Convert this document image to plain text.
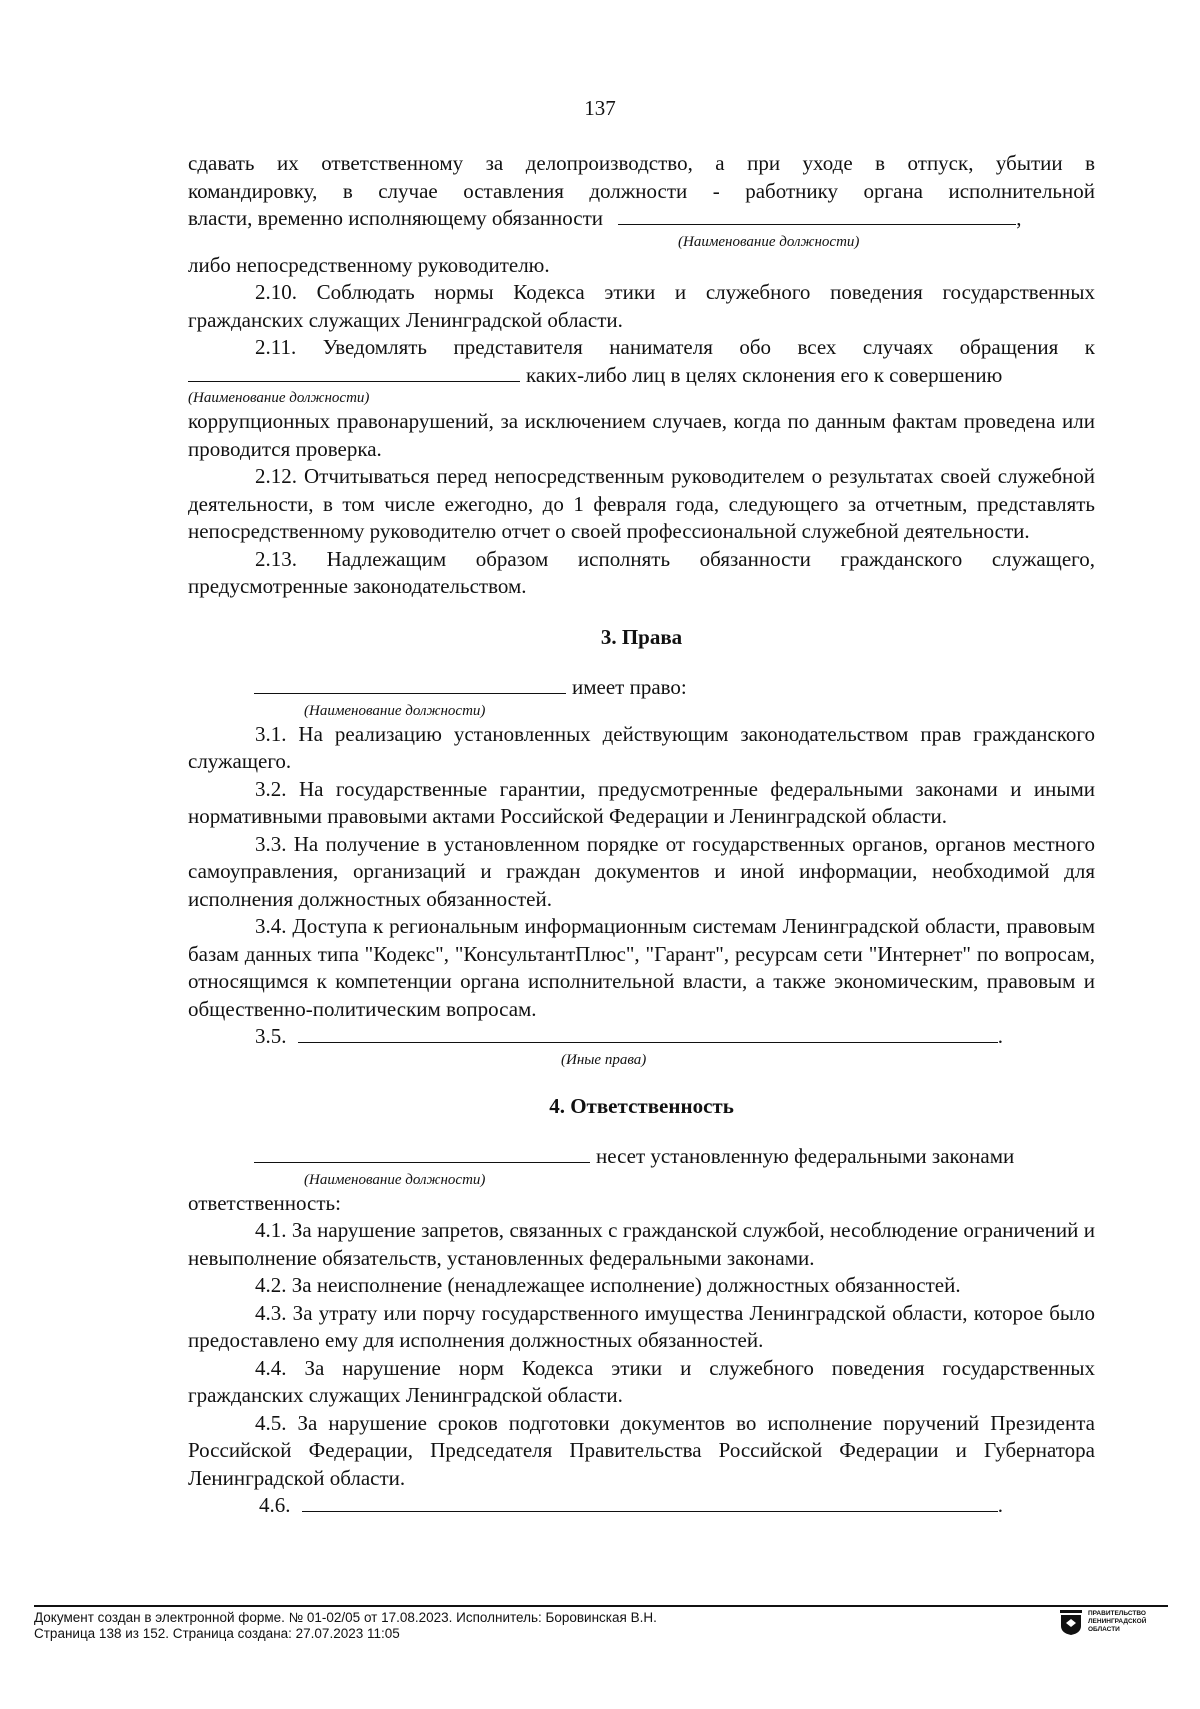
137

сдавать их ответственному за делопроизводство, а при уходе в отпуск, убытии в

командировку, в случае оставления должности - работнику органа исполнительной

власти, временно исполняющему обязанности	,

(Наименование должности)

либо непосредственному руководителю.

2.10. Соблюдать нормы Кодекса этики и служебного поведения государственных гражданских служащих Ленинградской области.

2.11. Уведомлять представителя нанимателя обо всех случаях обращения к

каких-либо лиц в целях склонения его к совершению

(Наименование должности)

коррупционных правонарушений, за исключением случаев, когда по данным фактам проведена или проводится проверка.

2.12. Отчитываться перед непосредственным руководителем о результатах своей служебной деятельности, в том числе ежегодно, до 1 февраля года, следующего за отчетным, представлять непосредственному руководителю отчет о своей профессиональной служебной деятельности.

2.13. Надлежащим образом исполнять обязанности гражданского служащего, предусмотренные законодательством.

3. Права

имеет право:

(Наименование должности)

3.1. На реализацию установленных действующим законодательством прав гражданского служащего.

3.2. На государственные гарантии, предусмотренные федеральными законами и иными нормативными правовыми актами Российской Федерации и Ленинградской области.

3.3. На получение в установленном порядке от государственных органов, органов местного самоуправления, организаций и граждан документов и иной информации, необходимой для исполнения должностных обязанностей.

3.4. Доступа к региональным информационным системам Ленинградской области, правовым базам данных типа "Кодекс", "КонсультантПлюс", "Гарант", ресурсам сети "Интернет" по вопросам, относящимся к компетенции органа исполнительной власти, а также экономическим, правовым и общественно-политическим вопросам.

3.5.	.

(Иные права)

4. Ответственность

несет установленную федеральными законами

(Наименование должности)

ответственность:

4.1. За нарушение запретов, связанных с гражданской службой, несоблюдение ограничений и невыполнение обязательств, установленных федеральными законами.

4.2. За неисполнение (ненадлежащее исполнение) должностных обязанностей.

4.3. За утрату или порчу государственного имущества Ленинградской области, которое было предоставлено ему для исполнения должностных обязанностей.

4.4. За нарушение норм Кодекса этики и служебного поведения государственных гражданских служащих Ленинградской области.

4.5. За нарушение сроков подготовки документов во исполнение поручений Президента Российской Федерации, Председателя Правительства Российской Федерации и Губернатора Ленинградской области.

4.6.	.

Документ создан в электронной форме. № 01-02/05 от 17.08.2023. Исполнитель: Боровинская В.Н.
Страница 138 из 152. Страница создана: 27.07.2023 11:05
ПРАВИТЕЛЬСТВО
ЛЕНИНГРАДСКОЙ
ОБЛАСТИ
